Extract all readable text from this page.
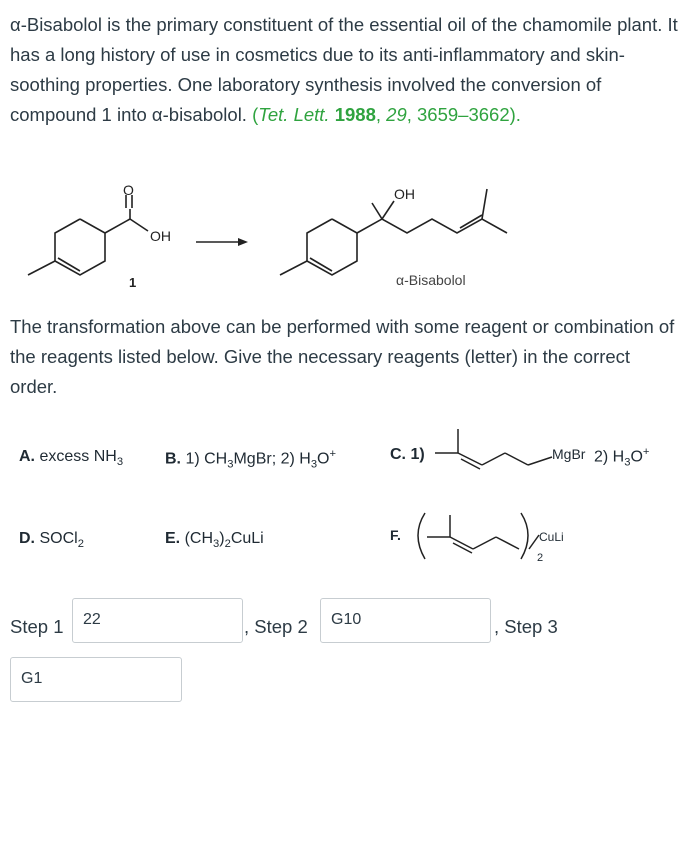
α-Bisabolol is the primary constituent of the essential oil of the chamomile plant. It has a long history of use in cosmetics due to its anti-inflammatory and skin-soothing properties. One laboratory synthesis involved the conversion of compound 1 into α-bisabolol. (Tet. Lett. 1988, 29, 3659–3662).
O
OH
1
OH
α-Bisabolol
The transformation above can be performed with some reagent or combination of the reagents listed below. Give the necessary reagents (letter) in the correct order.
A. excess $NH_3$	B. 1) $CH_3MgBr$; 2) $H_3O^+$	C. 1)	MgBr 2) $H_3O^+$
D. SOCl$_2$	E. $(CH_3)_2CuLi$	F.	CuLi
2
Step 1	22	, Step 2	G10	, Step 3
G1
